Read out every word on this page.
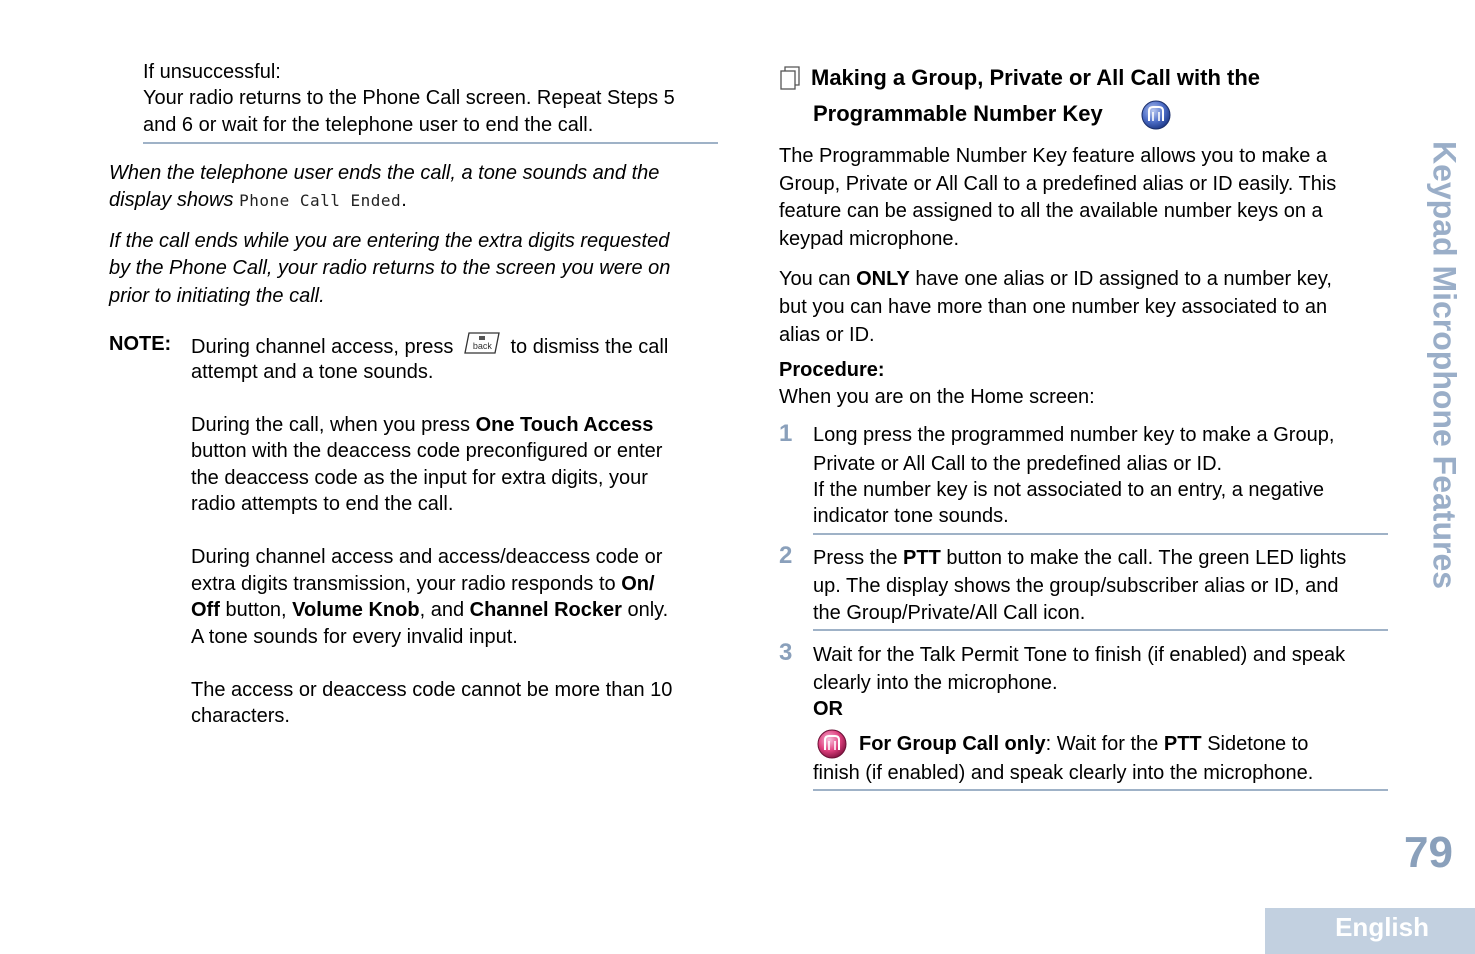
If unsuccessful:
Your radio returns to the Phone Call screen. Repeat Steps 5
and 6 or wait for the telephone user to end the call.
When the telephone user ends the call, a tone sounds and the
display shows Phone Call Ended.
If the call ends while you are entering the extra digits requested
by the Phone Call, your radio returns to the screen you were on
prior to initiating the call.
NOTE: During channel access, press back to dismiss the call
attempt and a tone sounds.
During the call, when you press One Touch Access
button with the deaccess code preconfigured or enter
the deaccess code as the input for extra digits, your
radio attempts to end the call.
During channel access and access/deaccess code or
extra digits transmission, your radio responds to On/
Off button, Volume Knob, and Channel Rocker only.
A tone sounds for every invalid input.
The access or deaccess code cannot be more than 10
characters.
Making a Group, Private or All Call with the
Programmable Number Key
The Programmable Number Key feature allows you to make a
Group, Private or All Call to a predefined alias or ID easily. This
feature can be assigned to all the available number keys on a
keypad microphone.
You can ONLY have one alias or ID assigned to a number key,
but you can have more than one number key associated to an
alias or ID.
Procedure:
When you are on the Home screen:
1 Long press the programmed number key to make a Group,
Private or All Call to the predefined alias or ID.
If the number key is not associated to an entry, a negative
indicator tone sounds.
2 Press the PTT button to make the call. The green LED lights
up. The display shows the group/subscriber alias or ID, and
the Group/Private/All Call icon.
3 Wait for the Talk Permit Tone to finish (if enabled) and speak
clearly into the microphone.
OR
For Group Call only: Wait for the PTT Sidetone to
finish (if enabled) and speak clearly into the microphone.
Keypad Microphone Features
79
English
